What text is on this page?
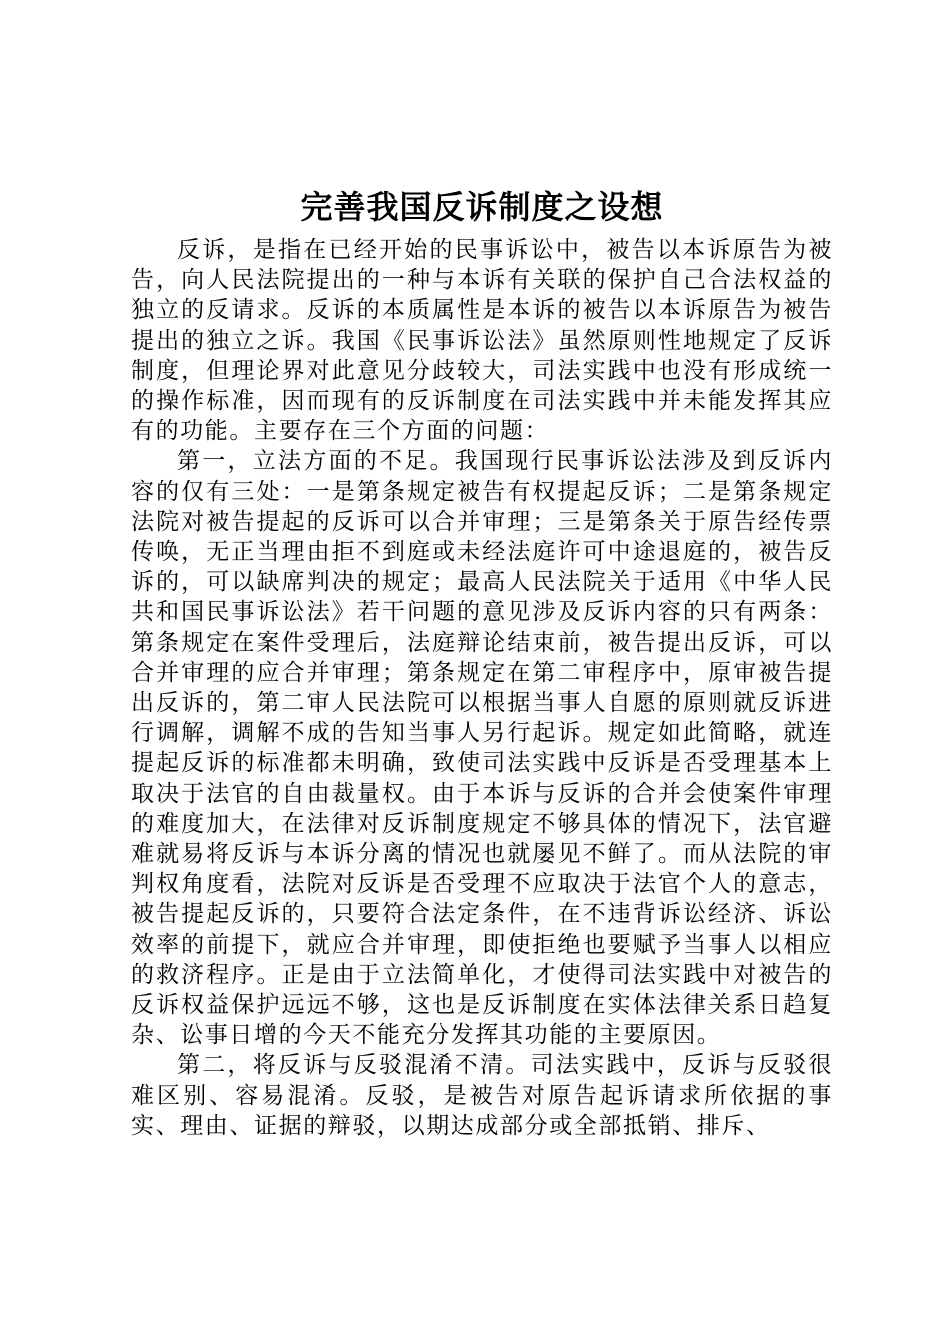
完善我国反诉制度之设想

反诉，是指在已经开始的民事诉讼中，被告以本诉原告为被告，向人民法院提出的一种与本诉有关联的保护自己合法权益的独立的反请求。反诉的本质属性是本诉的被告以本诉原告为被告提出的独立之诉。我国《民事诉讼法》虽然原则性地规定了反诉制度，但理论界对此意见分歧较大，司法实践中也没有形成统一的操作标准，因而现有的反诉制度在司法实践中并未能发挥其应有的功能。主要存在三个方面的问题：

第一，立法方面的不足。我国现行民事诉讼法涉及到反诉内容的仅有三处：一是第条规定被告有权提起反诉；二是第条规定法院对被告提起的反诉可以合并审理；三是第条关于原告经传票传唤，无正当理由拒不到庭或未经法庭许可中途退庭的，被告反诉的，可以缺席判决的规定；最高人民法院关于适用《中华人民共和国民事诉讼法》若干问题的意见涉及反诉内容的只有两条：第条规定在案件受理后，法庭辩论结束前，被告提出反诉，可以合并审理的应合并审理；第条规定在第二审程序中，原审被告提出反诉的，第二审人民法院可以根据当事人自愿的原则就反诉进行调解，调解不成的告知当事人另行起诉。规定如此简略，就连提起反诉的标准都未明确，致使司法实践中反诉是否受理基本上取决于法官的自由裁量权。由于本诉与反诉的合并会使案件审理的难度加大，在法律对反诉制度规定不够具体的情况下，法官避难就易将反诉与本诉分离的情况也就屡见不鲜了。而从法院的审判权角度看，法院对反诉是否受理不应取决于法官个人的意志，被告提起反诉的，只要符合法定条件，在不违背诉讼经济、诉讼效率的前提下，就应合并审理，即使拒绝也要赋予当事人以相应的救济程序。正是由于立法简单化，才使得司法实践中对被告的反诉权益保护远远不够，这也是反诉制度在实体法律关系日趋复杂、讼事日增的今天不能充分发挥其功能的主要原因。

第二，将反诉与反驳混淆不清。司法实践中，反诉与反驳很难区别、容易混淆。反驳，是被告对原告起诉请求所依据的事实、理由、证据的辩驳，以期达成部分或全部抵销、排斥、
